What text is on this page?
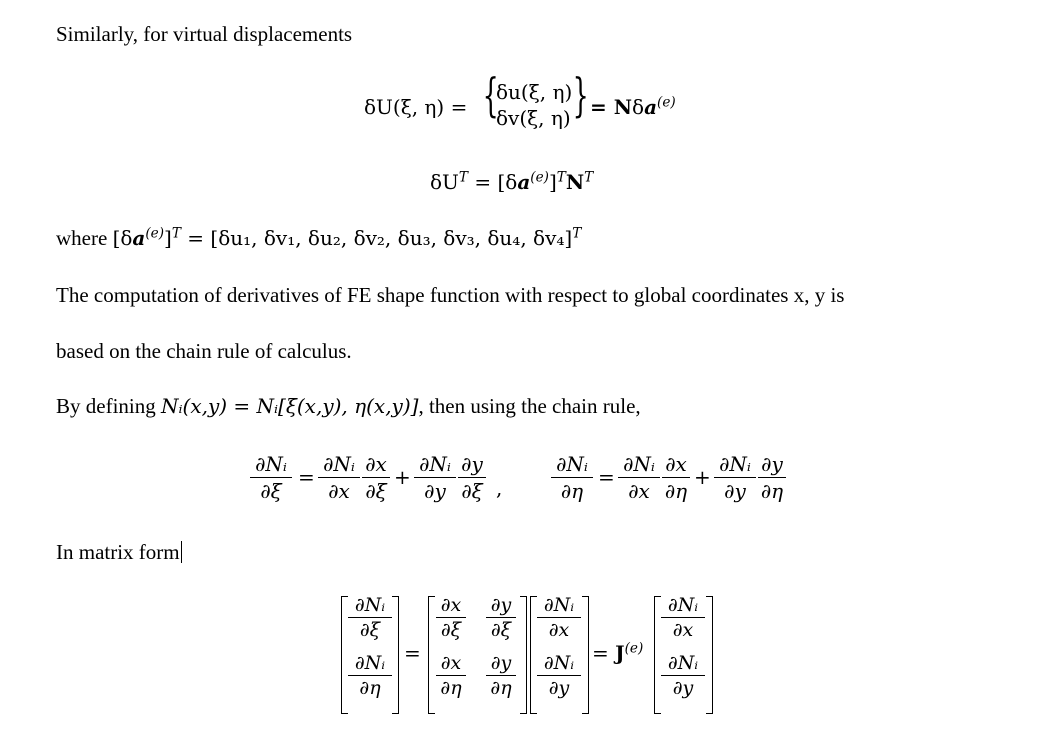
Similarly, for virtual displacements
δU(ξ, η) = {
δu(ξ, η)
δv(ξ, η) } = Nδa$^{(e)}$
$\delta U^T = [\delta a^{(e)}]^TN^T$
where $[\delta a^{(e)}]^T = [\delta u_1$, δv₁, δu₂, δv₂, δu₃, δv₃, δu₄, δv₄]$^T$
The computation of derivatives of FE shape function with respect to global coordinates x, y is
based on the chain rule of calculus.
By defining Nᵢ(x,y) = Nᵢ[ξ(x,y), η(x,y)], then using the chain rule,
∂Nᵢ
∂ξ
=
∂Nᵢ
∂x
∂x
∂ξ
+
∂Nᵢ
∂y
∂y
∂ξ ,
∂Nᵢ
∂η
=
∂Nᵢ
∂x
∂x
∂η
+
∂Nᵢ
∂y
∂y
∂η
In matrix form
∂Nᵢ
∂ξ
∂Nᵢ
∂η
=
∂x
∂ξ
∂y
∂ξ
∂x
∂η
∂y
∂η
∂Nᵢ
∂x
∂Nᵢ
∂y
= $J^{(e)}$
∂Nᵢ
∂x
∂Nᵢ
∂y
